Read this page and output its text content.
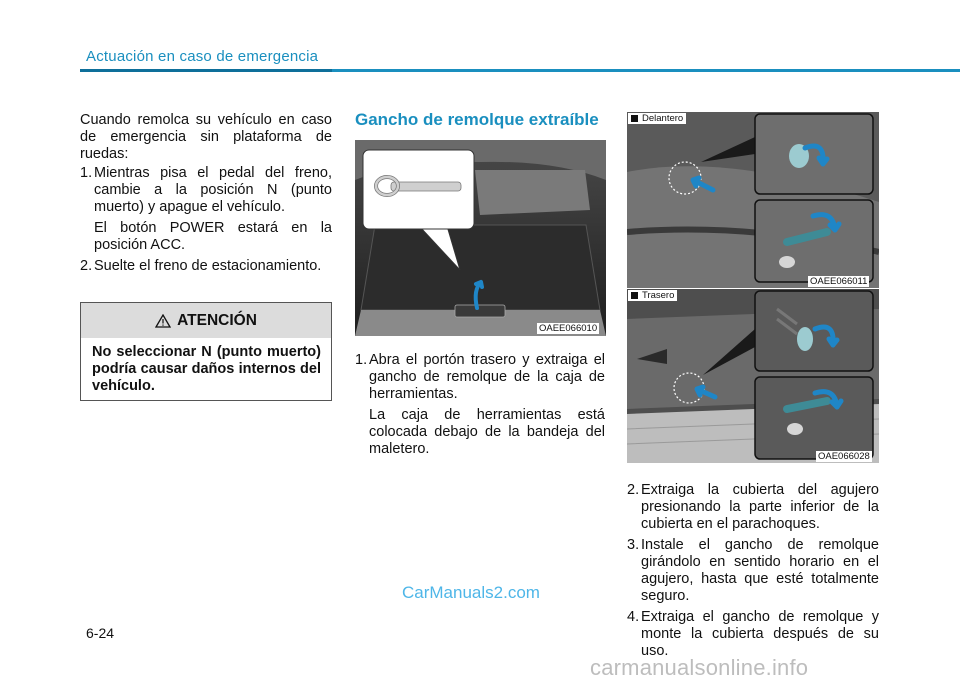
Actuación en caso de emergencia

Cuando remolca su vehículo en caso de emergencia sin plataforma de ruedas:

1. Mientras pisa el pedal del freno, cambie a la posición N (punto muerto) y apague el vehículo.

El botón POWER estará en la posición ACC.

2. Suelte el freno de estacionamiento.
ATENCIÓN
No seleccionar N (punto muerto) podría causar daños internos del vehículo.
Gancho de remolque extraíble
OAEE066010
1. Abra el portón trasero y extraiga el gancho de remolque de la caja de herramientas.

La caja de herramientas está colocada debajo de la bandeja del maletero.

Delantero
OAEE066011
Trasero
OAE066028
2. Extraiga la cubierta del agujero presionando la parte inferior de la cubierta en el parachoques.
3. Instale el gancho de remolque girándolo en sentido horario en el agujero, hasta que esté totalmente seguro.
4. Extraiga el gancho de remolque y monte la cubierta después de su uso.
CarManuals2.com
6-24
carmanualsonline.info
